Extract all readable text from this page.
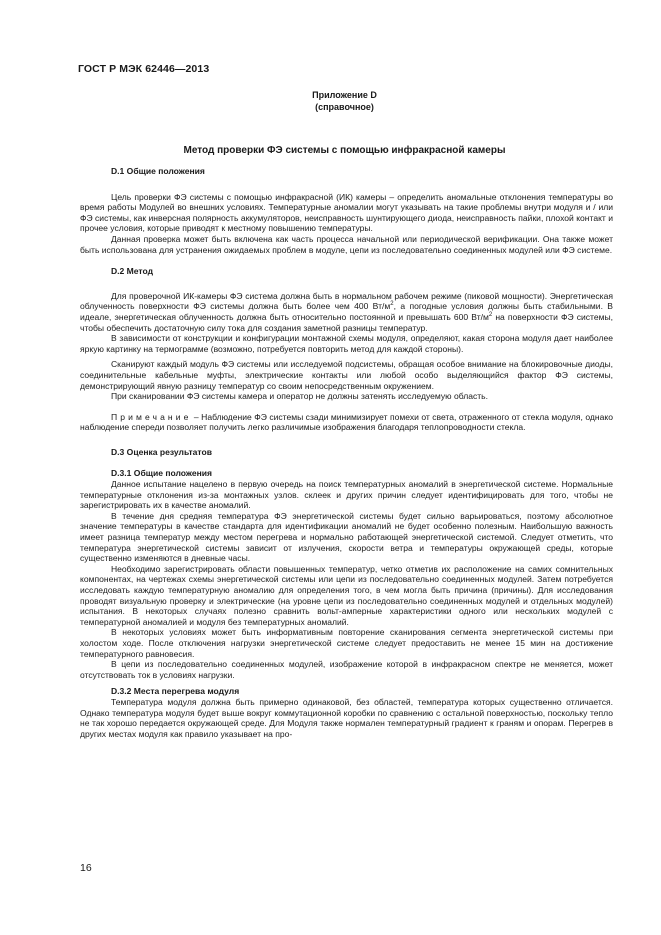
ГОСТ Р МЭК 62446—2013
Приложение D
(справочное)
Метод проверки ФЭ системы с помощью инфракрасной камеры
D.1 Общие положения

Цель проверки ФЭ системы с помощью инфракрасной (ИК) камеры – определить аномальные отклонения температуры во время работы Модулей во внешних условиях. Температурные аномалии могут указывать на такие проблемы внутри модуля и / или ФЭ системы, как инверсная полярность аккумуляторов, неисправность шунтирующего диода, неисправность пайки, плохой контакт и прочее условия, которые приводят к местному повышению температуры.

Данная проверка может быть включена как часть процесса начальной или периодической верификации. Она также может быть использована для устранения ожидаемых проблем в модуле, цепи из последовательно соединенных модулей или ФЭ системе.

D.2 Метод

Для проверочной ИК-камеры ФЭ система должна быть в нормальном рабочем режиме (пиковой мощности). Энергетическая облученность поверхности ФЭ системы должна быть более чем 400 $Вт/м^2$, а погодные условия должны быть стабильными. В идеале, энергетическая облученность должна быть относительно постоянной и превышать 600 $Вт/м^2$ на поверхности ФЭ системы, чтобы обеспечить достаточную силу тока для создания заметной разницы температур.

В зависимости от конструкции и конфигурации монтажной схемы модуля, определяют, какая сторона модуля дает наиболее яркую картинку на термограмме (возможно, потребуется повторить метод для каждой стороны).

Сканируют каждый модуль ФЭ системы или исследуемой подсистемы, обращая особое внимание на блокировочные диоды, соединительные кабельные муфты, электрические контакты или любой особо выделяющийся фактор ФЭ системы, демонстрирующий явную разницу температур со своим непосредственным окружением.

При сканировании ФЭ системы камера и оператор не должны затенять исследуемую область.

Примечание – Наблюдение ФЭ системы сзади минимизирует помехи от света, отраженного от стекла модуля, однако наблюдение спереди позволяет получить легко различимые изображения благодаря теплопроводности стекла.

D.3 Оценка результатов
D.3.1 Общие положения

Данное испытание нацелено в первую очередь на поиск температурных аномалий в энергетической системе. Нормальные температурные отклонения из-за монтажных узлов. склеек и других причин следует идентифицировать для того, чтобы не зарегистрировать их в качестве аномалий.

В течение дня средняя температура ФЭ энергетической системы будет сильно варьироваться, поэтому абсолютное значение температуры в качестве стандарта для идентификации аномалий не будет особенно полезным. Наибольшую важность имеет разница температур между местом перегрева и нормально работающей энергетической системой. Следует отметить, что температура энергетической системы зависит от излучения, скорости ветра и температуры окружающей среды, которые существенно изменяются в дневные часы.

Необходимо зарегистрировать области повышенных температур, четко отметив их расположение на самих сомнительных компонентах, на чертежах схемы энергетической системы или цепи из последовательно соединенных модулей. Затем потребуется исследовать каждую температурную аномалию для определения того, в чем могла быть причина (причины). Для исследования проводят визуальную проверку и электрические (на уровне цепи из последовательно соединенных модулей и отдельных модулей) испытания. В некоторых случаях полезно сравнить вольт-амперные характеристики одного или нескольких модулей с температурной аномалией и модуля без температурных аномалий.

В некоторых условиях может быть информативным повторение сканирования сегмента энергетической системы при холостом ходе. После отключения нагрузки энергетической системе следует предоставить не менее 15 мин на достижение температурного равновесия.

В цепи из последовательно соединенных модулей, изображение которой в инфракрасном спектре не меняется, может отсутствовать ток в условиях нагрузки.

D.3.2 Места перегрева модуля

Температура модуля должна быть примерно одинаковой, без областей, температура которых существенно отличается. Однако температура модуля будет выше вокруг коммутационной коробки по сравнению с остальной поверхностью, поскольку тепло не так хорошо передается окружающей среде. Для Модуля также нормален температурный градиент к граням и опорам. Перегрев в других местах модуля как правило указывает на про-

16
